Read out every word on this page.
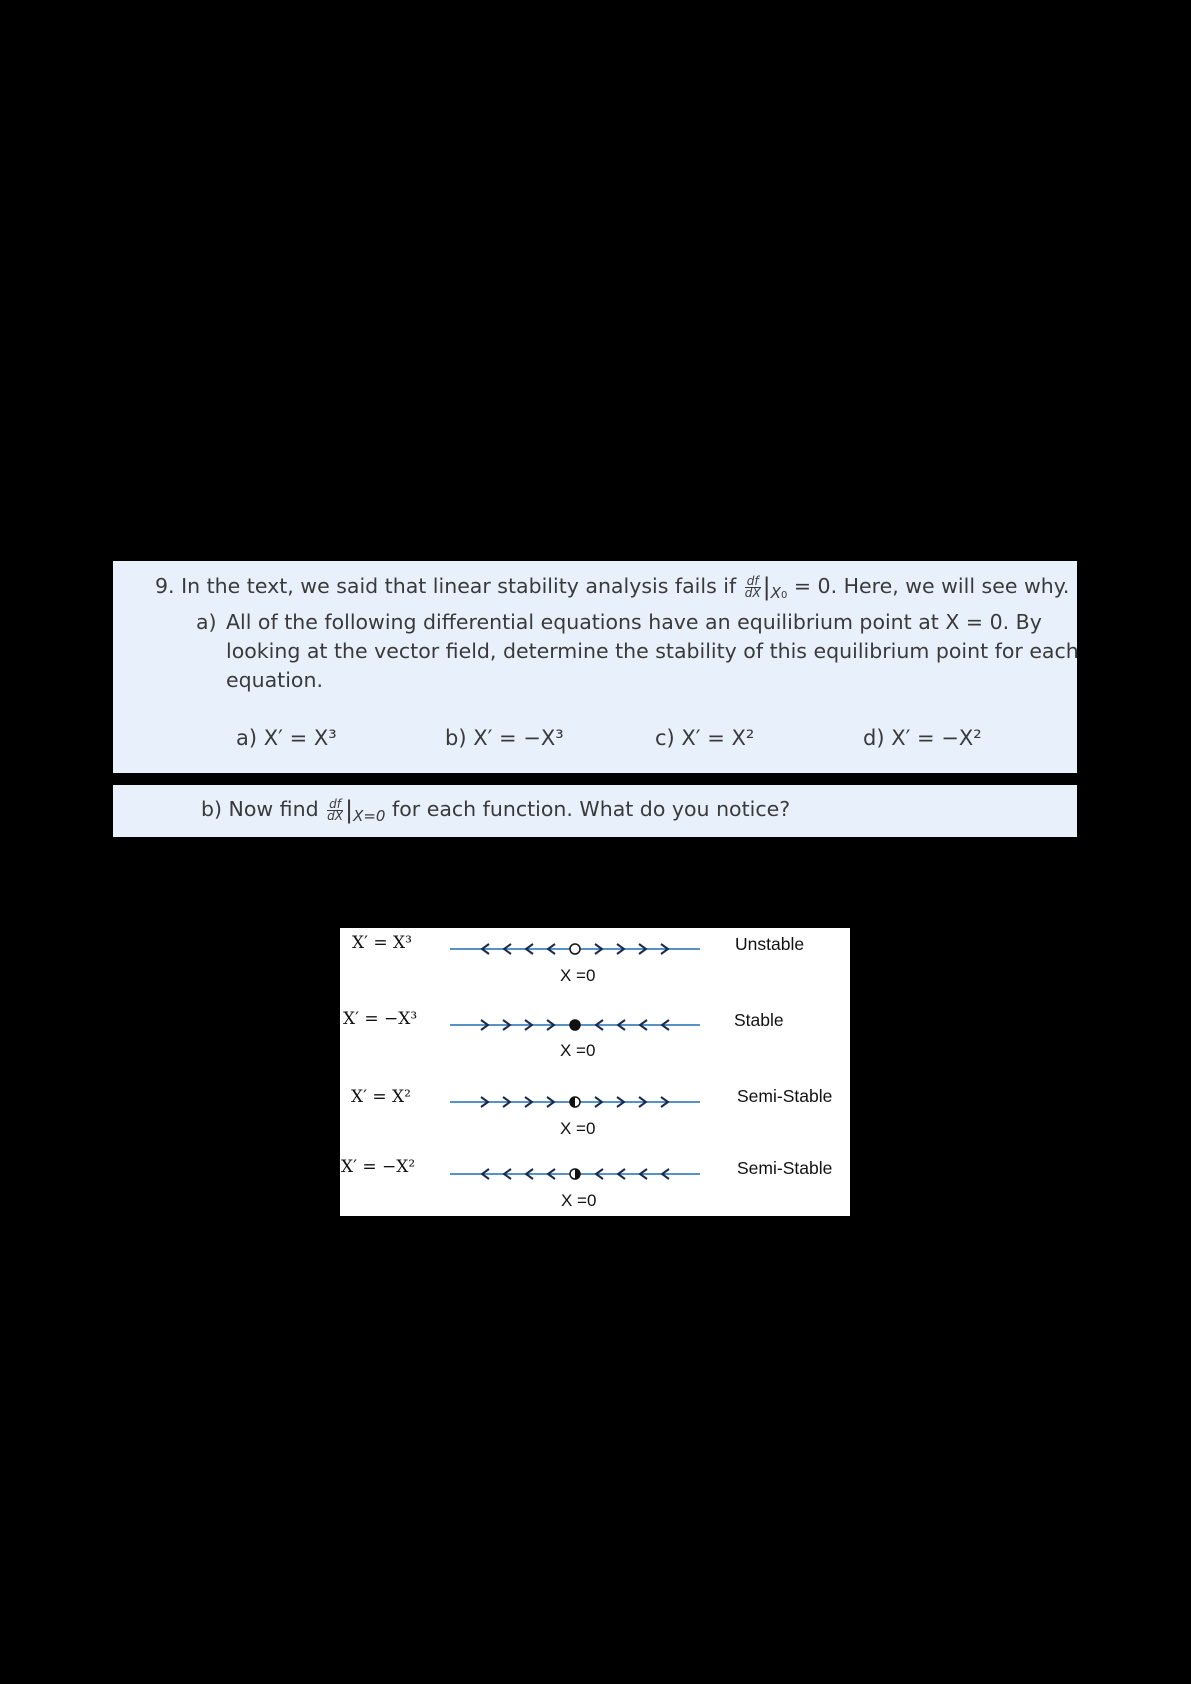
9. In the text, we said that linear stability analysis fails if $\frac{df}{dX} |_{X0} = 0$. Here, we will see why.
a) All of the following differential equations have an equilibrium point at X = 0. By
looking at the vector field, determine the stability of this equilibrium point for each
equation.
a) X′ = X³	b) X′ = −X³	c) X′ = X²	d) X′ = −X²
b) Now find $\frac{df}{dX} |_{X=0}$ for each function. What do you notice?
X′ = X³	Unstable
X =0
X′ = −X³	Stable
X =0
X′ = X²	Semi-Stable
X =0
X′ = −X²	Semi-Stable
X =0
